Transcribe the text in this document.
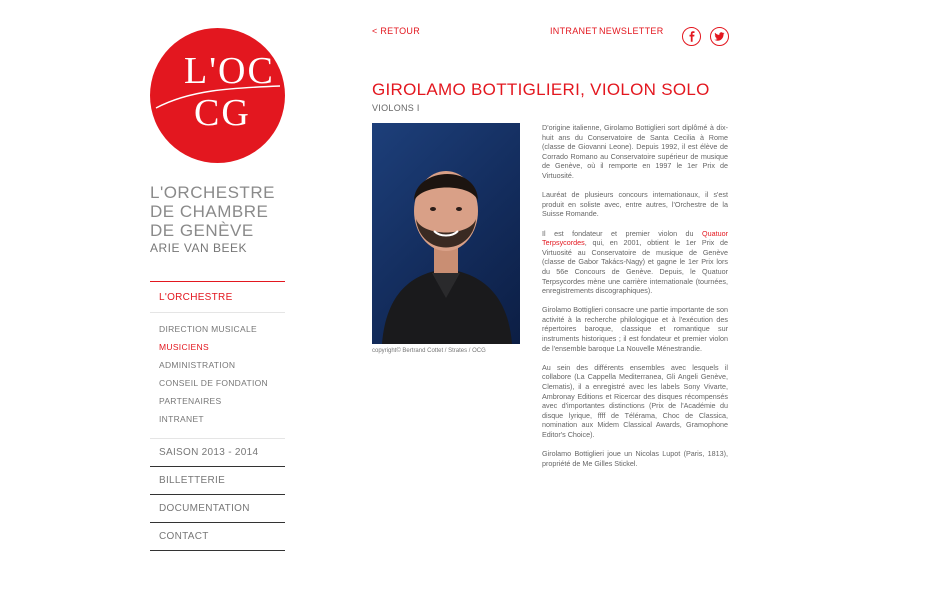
L'OC
CG
L'ORCHESTRE
DE CHAMBRE
DE GENÈVE
ARIE VAN BEEK
L'ORCHESTRE
DIRECTION MUSICALE
MUSICIENS
ADMINISTRATION
CONSEIL DE FONDATION
PARTENAIRES
INTRANET
SAISON 2013 - 2014
BILLETTERIE
DOCUMENTATION
CONTACT
< RETOUR	INTRANET NEWSLETTER
GIROLAMO BOTTIGLIERI, VIOLON SOLO
VIOLONS I
copyright© Bertrand Cottet / Strates / OCG

D'origine italienne, Girolamo Bottiglieri sort diplômé à dix-huit ans du Conservatoire de Santa Cecilia à Rome (classe de Giovanni Leone). Depuis 1992, il est élève de Corrado Romano au Conservatoire supérieur de musique de Genève, où il remporte en 1997 le 1er Prix de Virtuosité.

Lauréat de plusieurs concours internationaux, il s'est produit en soliste avec, entre autres, l'Orchestre de la Suisse Romande.

Il est fondateur et premier violon du Quatuor Terpsycordes, qui, en 2001, obtient le 1er Prix de Virtuosité au Conservatoire de musique de Genève (classe de Gabor Takács-Nagy) et gagne le 1er Prix lors du 56e Concours de Genève. Depuis, le Quatuor Terpsycordes mène une carrière internationale (tournées, enregistrements discographiques).

Girolamo Bottiglieri consacre une partie importante de son activité à la recherche philologique et à l'exécution des répertoires baroque, classique et romantique sur instruments historiques ; il est fondateur et premier violon de l'ensemble baroque La Nouvelle Ménestrandie.

Au sein des différents ensembles avec lesquels il collabore (La Cappella Mediterranea, Gli Angeli Genève, Clematis), il a enregistré avec les labels Sony Vivarte, Ambronay Editions et Ricercar des disques récompensés avec d'importantes distinctions (Prix de l'Académie du disque lyrique, ffff de Télérama, Choc de Classica, nomination aux Midem Classical Awards, Gramophone Editor's Choice).

Girolamo Bottiglieri joue un Nicolas Lupot (Paris, 1813), propriété de Me Gilles Stickel.
